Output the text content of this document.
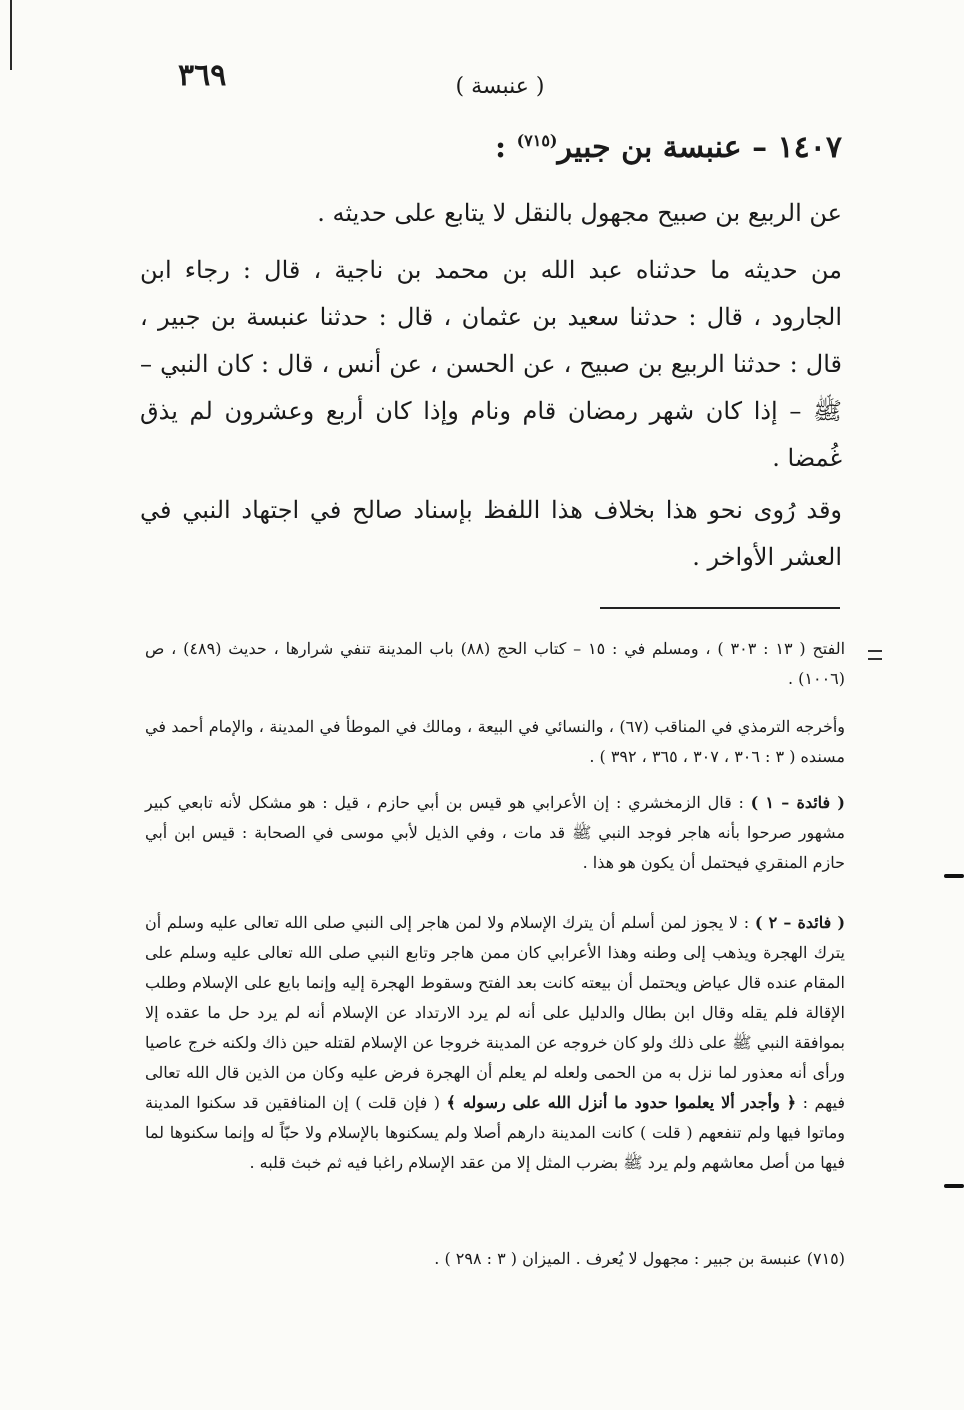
٣٦٩	( عنبسة )
١٤٠٧ – عنبسة بن جبير$^{(٧١٥)}$ :
عن الربيع بن صبيح مجهول بالنقل لا يتابع على حديثه .
من حديثه ما حدثناه عبد الله بن محمد بن ناجية ، قال : رجاء ابن الجارود ، قال : حدثنا سعيد بن عثمان ، قال : حدثنا عنبسة بن جبير ، قال : حدثنا الربيع بن صبيح ، عن الحسن ، عن أنس ، قال : كان النبي – ﷺ – إذا كان شهر رمضان قام ونام وإذا كان أربع وعشرون لم يذق غُمضا .
وقد رُوى نحو هذا بخلاف هذا اللفظ بإسناد صالح في اجتهاد النبي في العشر الأواخر .
الفتح ( ١٣ : ٣٠٣ ) ، ومسلم في : ١٥ – كتاب الحج (٨٨) باب المدينة تنفي شرارها ، حديث (٤٨٩) ، ص (١٠٠٦) .
وأخرجه الترمذي في المناقب (٦٧) ، والنسائي في البيعة ، ومالك في الموطأ في المدينة ، والإمام أحمد في مسنده ( ٣ : ٣٠٦ ، ٣٠٧ ، ٣٦٥ ، ٣٩٢ ) .
( فائدة – ١ ) : قال الزمخشري : إن الأعرابي هو قيس بن أبي حازم ، قيل : هو مشكل لأنه تابعي كبير مشهور صرحوا بأنه هاجر فوجد النبي ﷺ قد مات ، وفي الذيل لأبي موسى في الصحابة : قيس ابن أبي حازم المنقري فيحتمل أن يكون هو هذا .
( فائدة – ٢ ) : لا يجوز لمن أسلم أن يترك الإسلام ولا لمن هاجر إلى النبي صلى الله تعالى عليه وسلم أن يترك الهجرة ويذهب إلى وطنه وهذا الأعرابي كان ممن هاجر وتابع النبي صلى الله تعالى عليه وسلم على المقام عنده قال عياض ويحتمل أن بيعته كانت بعد الفتح وسقوط الهجرة إليه وإنما بايع على الإسلام وطلب الإقالة فلم يقله وقال ابن بطال والدليل على أنه لم يرد الارتداد عن الإسلام أنه لم يرد حل ما عقده إلا بموافقة النبي ﷺ على ذلك ولو كان خروجه عن المدينة خروجا عن الإسلام لقتله حين ذاك ولكنه خرج عاصيا ورأى أنه معذور لما نزل به من الحمى ولعله لم يعلم أن الهجرة فرض عليه وكان من الذين قال الله تعالى فيهم : ﴿ وأجدر ألا يعلموا حدود ما أنزل الله على رسوله ﴾ ( فإن قلت ) إن المنافقين قد سكنوا المدينة وماتوا فيها ولم تنفعهم ( قلت ) كانت المدينة دارهم أصلا ولم يسكنوها بالإسلام ولا حبّاً له وإنما سكنوها لما فيها من أصل معاشهم ولم يرد ﷺ بضرب المثل إلا من عقد الإسلام راغبا فيه ثم خبث قلبه .
(٧١٥) عنبسة بن جبير : مجهول لا يُعرف . الميزان ( ٣ : ٢٩٨ ) .
